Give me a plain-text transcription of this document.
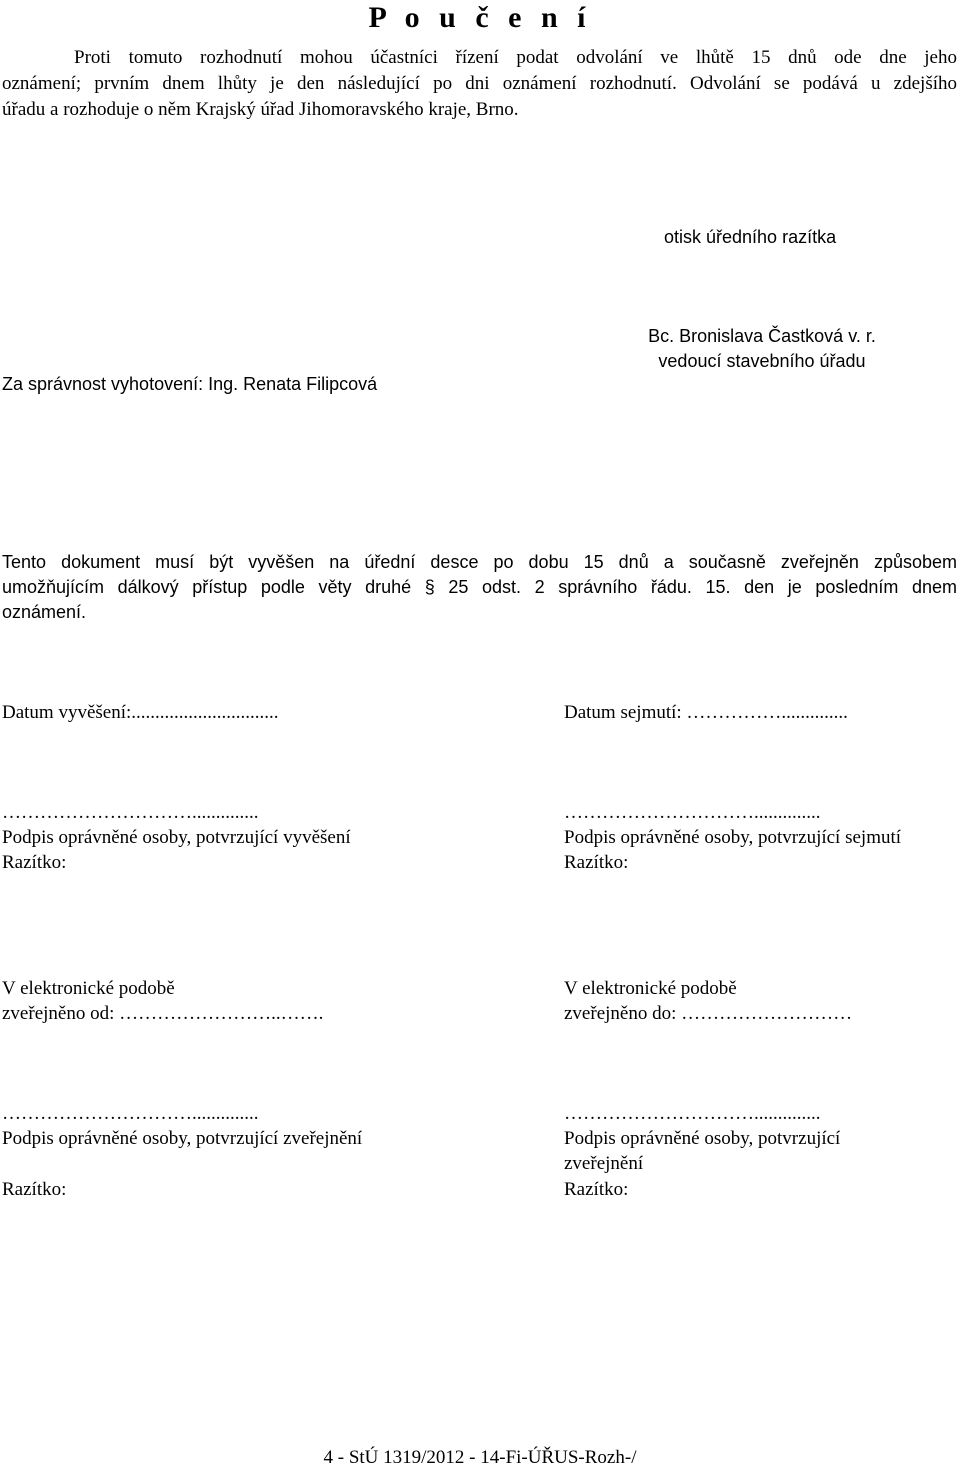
P o u č e n í
Proti tomuto rozhodnutí mohou účastníci řízení podat odvolání ve lhůtě 15 dnů ode dne jeho
oznámení; prvním dnem lhůty je den následující po dni oznámení rozhodnutí. Odvolání se podává u zdejšího
úřadu a rozhoduje o něm Krajský úřad Jihomoravského kraje, Brno.
otisk úředního razítka
Bc. Bronislava Častková v. r.
vedoucí stavebního úřadu
Za správnost vyhotovení: Ing. Renata Filipcová
Tento dokument musí být vyvěšen na úřední desce po dobu 15 dnů a současně zveřejněn způsobem
umožňujícím dálkový přístup podle věty druhé § 25 odst. 2 správního řádu. 15. den je posledním dnem
oznámení.
Datum vyvěšení:...............................	Datum sejmutí: ……………..............
…………………………..............
Podpis oprávněné osoby, potvrzující vyvěšení
Razítko:
…………………………..............
Podpis oprávněné osoby, potvrzující sejmutí
Razítko:
V elektronické podobě
zveřejněno od: ……………………..…….
V elektronické podobě
zveřejněno do: ………………………
…………………………..............
Podpis oprávněné osoby, potvrzující zveřejnění
Razítko:
…………………………..............
Podpis oprávněné osoby, potvrzující
zveřejnění
Razítko:
4 - StÚ 1319/2012 - 14-Fi-ÚŘUS-Rozh-/
